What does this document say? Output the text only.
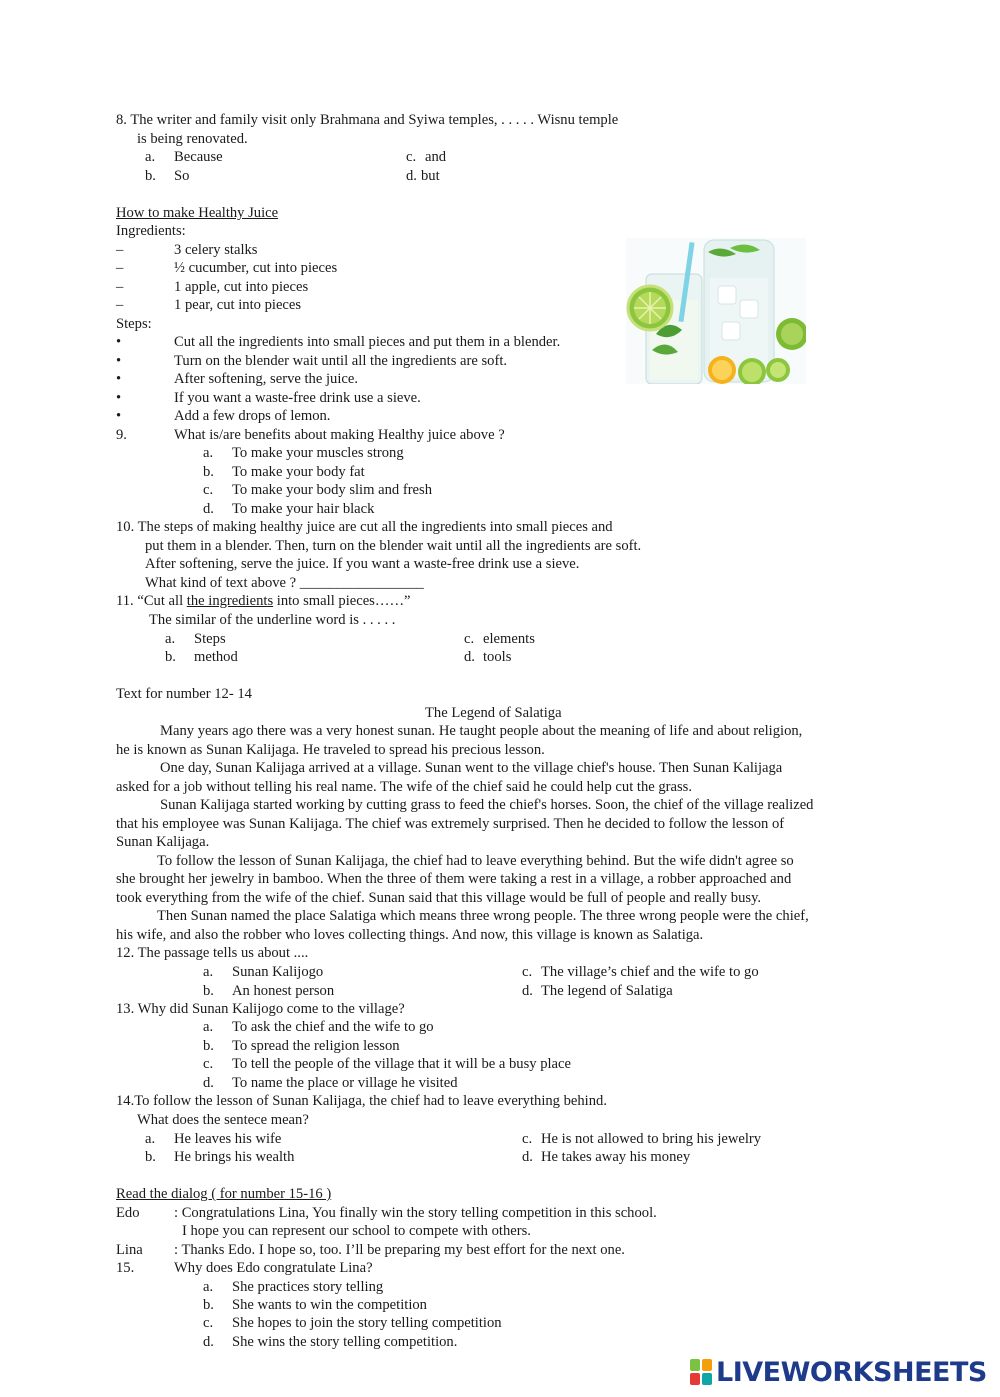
8. The writer and family visit only Brahmana and Syiwa temples, . . . . . Wisnu temple
is being renovated.
a. Because
b. So
c. and
d. but
How to make Healthy Juice
Ingredients:
–	3 celery stalks
–	½ cucumber, cut into pieces
–	1 apple, cut into pieces
–	1 pear, cut into pieces
Steps:
•	Cut all the ingredients into small pieces and put them in a blender.
•	Turn on the blender wait until all the ingredients are soft.
•	After softening, serve the juice.
•	If you want a waste-free drink use a sieve.
•	Add a few drops of lemon.
9.	What is/are benefits about making Healthy juice above ?
a. To make your muscles strong
b. To make your body fat
c. To make your body slim and fresh
d. To make your hair black
10. The steps of making healthy juice are cut all the ingredients into small pieces and
put them in a blender. Then, turn on the blender wait until all the ingredients are soft.
After softening, serve the juice. If you want a waste-free drink use a sieve.
What kind of text above ? _________________
11. “Cut all the ingredients into small pieces……”
The similar of the underline word is . . . . .
a. Steps
b. method
c. elements
d. tools
Text for number 12- 14
The Legend of Salatiga
Many years ago there was a very honest sunan. He taught people about the meaning of life and about religion,
he is known as Sunan Kalijaga. He traveled to spread his precious lesson.
One day, Sunan Kalijaga arrived at a village. Sunan went to the village chief's house. Then Sunan Kalijaga
asked for a job without telling his real name. The wife of the chief said he could help cut the grass.
Sunan Kalijaga started working by cutting grass to feed the chief's horses. Soon, the chief of the village realized
that his employee was Sunan Kalijaga. The chief was extremely surprised. Then he decided to follow the lesson of
Sunan Kalijaga.
To follow the lesson of Sunan Kalijaga, the chief had to leave everything behind. But the wife didn't agree so
she brought her jewelry in bamboo. When the three of them were taking a rest in a village, a robber approached and
took everything from the wife of the chief. Sunan said that this village would be full of people and really busy.
Then Sunan named the place Salatiga which means three wrong people. The three wrong people were the chief,
his wife, and also the robber who loves collecting things. And now, this village is known as Salatiga.
12. The passage tells us about ....
a. Sunan Kalijogo
b. An honest person
c. The village’s chief and the wife to go
d. The legend of Salatiga
13. Why did Sunan Kalijogo come to the village?
a. To ask the chief and the wife to go
b. To spread the religion lesson
c. To tell the people of the village that it will be a busy place
d. To name the place or village he visited
14.To follow the lesson of Sunan Kalijaga, the chief had to leave everything behind.
What does the sentece mean?
a. He leaves his wife
b. He brings his wealth
c. He is not allowed to bring his jewelry
d. He takes away his money
Read the dialog ( for number 15-16 )
Edo : Congratulations Lina, You finally win the story telling competition in this school.
I hope you can represent our school to compete with others.
Lina : Thanks Edo. I hope so, too. I’ll be preparing my best effort for the next one.
15.	Why does Edo congratulate Lina?
a. She practices story telling
b. She wants to win the competition
c. She hopes to join the story telling competition
d. She wins the story telling competition.
LIVEWORKSHEETS
